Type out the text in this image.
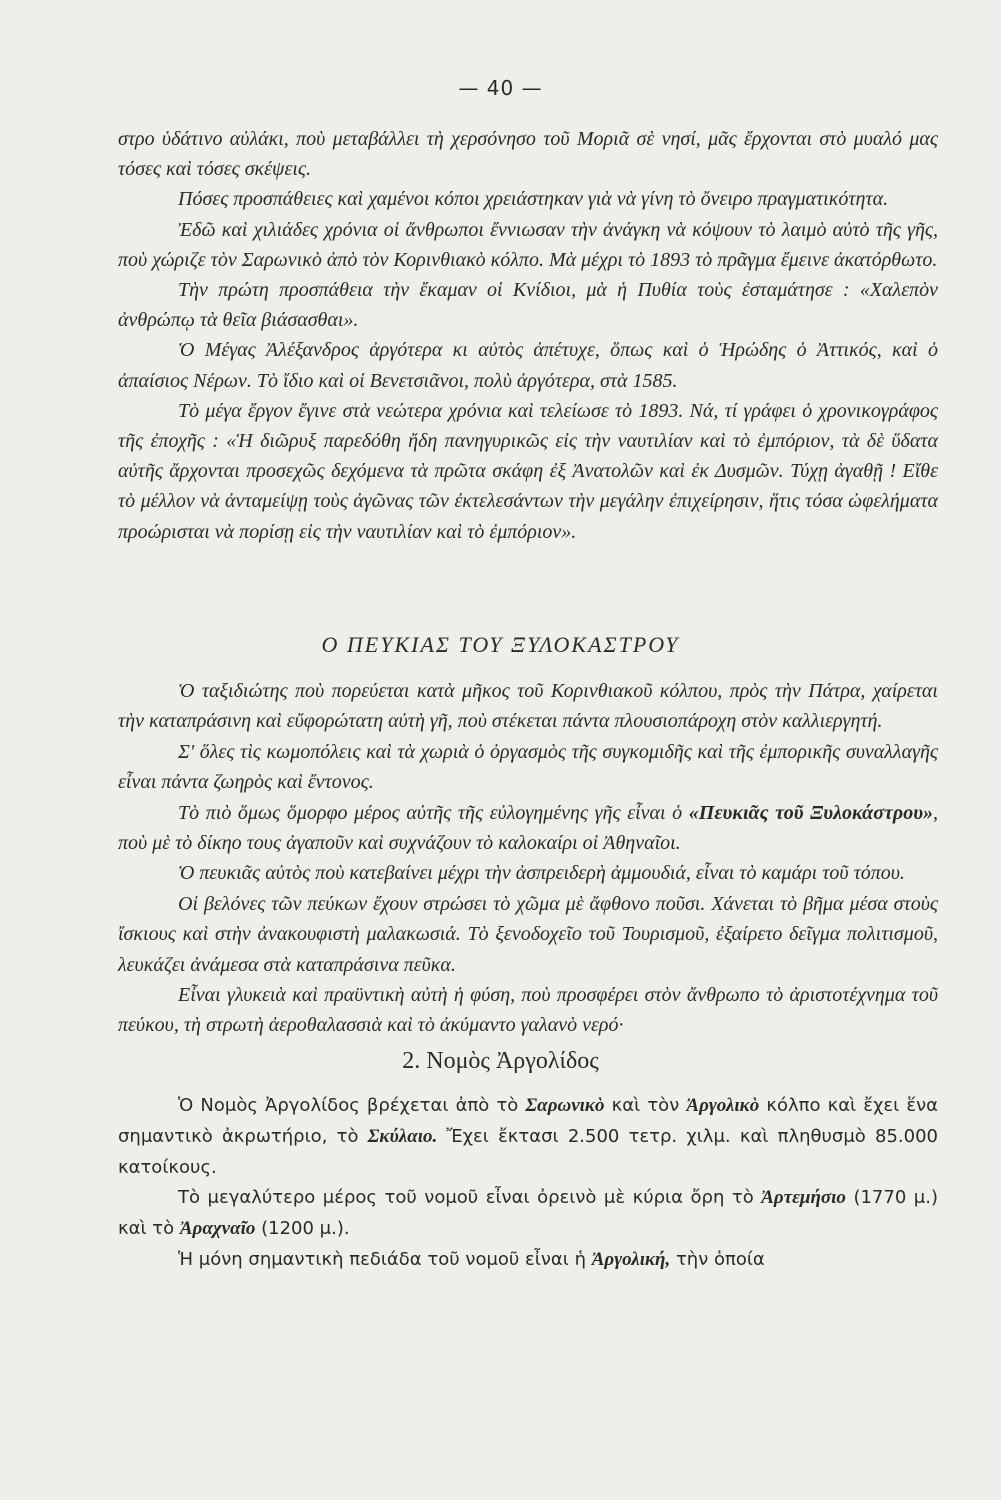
— 40 —

στρο ὑδάτινο αὐλάκι, ποὺ μεταβάλλει τὴ χερσόνησο τοῦ Μοριᾶ σὲ νησί, μᾶς ἔρχονται στὸ μυαλό μας τόσες καὶ τόσες σκέψεις.

Πόσες προσπάθειες καὶ χαμένοι κόποι χρειάστηκαν γιὰ νὰ γίνη τὸ ὄνειρο πραγματικότητα.

Ἐδῶ καὶ χιλιάδες χρόνια οἱ ἄνθρωποι ἔννιωσαν τὴν ἀνάγκη νὰ κόψουν τὸ λαιμὸ αὐτὸ τῆς γῆς, ποὺ χώριζε τὸν Σαρωνικὸ ἀπὸ τὸν Κορινθιακὸ κόλπο. Μὰ μέχρι τὸ 1893 τὸ πρᾶγμα ἔμεινε ἀκατόρθωτο.

Τὴν πρώτη προσπάθεια τὴν ἔκαμαν οἱ Κνίδιοι, μὰ ἡ Πυθία τοὺς ἐσταμάτησε : «Χαλεπὸν ἀνθρώπῳ τὰ θεῖα βιάσασθαι».

Ὁ Μέγας Ἀλέξανδρος ἀργότερα κι αὐτὸς ἀπέτυχε, ὅπως καὶ ὁ Ἡρώδης ὁ Ἀττικός, καὶ ὁ ἀπαίσιος Νέρων. Τὸ ἴδιο καὶ οἱ Βενετσιᾶνοι, πολὺ ἀργότερα, στὰ 1585.

Τὸ μέγα ἔργον ἔγινε στὰ νεώτερα χρόνια καὶ τελείωσε τὸ 1893. Νά, τί γράφει ὁ χρονικογράφος τῆς ἐποχῆς : «Ἡ διῶρυξ παρεδόθη ἤδη πανηγυρικῶς εἰς τὴν ναυτιλίαν καὶ τὸ ἐμπόριον, τὰ δὲ ὕδατα αὐτῆς ἄρχονται προσεχῶς δεχόμενα τὰ πρῶτα σκάφη ἐξ Ἀνατολῶν καὶ ἐκ Δυσμῶν. Τύχῃ ἀγαθῇ ! Εἴθε τὸ μέλλον νὰ ἀνταμείψῃ τοὺς ἀγῶνας τῶν ἐκτελεσάντων τὴν μεγάλην ἐπιχείρησιν, ἥτις τόσα ὠφελήματα προώρισται νὰ πορίσῃ εἰς τὴν ναυτιλίαν καὶ τὸ ἐμπόριον».

Ο ΠΕΥΚΙΑΣ ΤΟΥ ΞΥΛΟΚΑΣΤΡΟΥ

Ὁ ταξιδιώτης ποὺ πορεύεται κατὰ μῆκος τοῦ Κορινθιακοῦ κόλπου, πρὸς τὴν Πάτρα, χαίρεται τὴν καταπράσινη καὶ εὔφορώτατη αὐτὴ γῆ, ποὺ στέκεται πάντα πλουσιοπάροχη στὸν καλλιεργητή.

Σ' ὅλες τὶς κωμοπόλεις καὶ τὰ χωριὰ ὁ ὀργασμὸς τῆς συγκομιδῆς καὶ τῆς ἐμπορικῆς συναλλαγῆς εἶναι πάντα ζωηρὸς καὶ ἔντονος.

Τὸ πιὸ ὅμως ὅμορφο μέρος αὐτῆς τῆς εὐλογημένης γῆς εἶναι ὁ «Πευκιᾶς τοῦ Ξυλοκάστρου», ποὺ μὲ τὸ δίκηο τους ἀγαποῦν καὶ συχνάζουν τὸ καλοκαίρι οἱ Ἀθηναῖοι.

Ὁ πευκιᾶς αὐτὸς ποὺ κατεβαίνει μέχρι τὴν ἀσπρειδερὴ ἀμμουδιά, εἶναι τὸ καμάρι τοῦ τόπου.

Οἱ βελόνες τῶν πεύκων ἔχουν στρώσει τὸ χῶμα μὲ ἄφθονο ποῦσι. Χάνεται τὸ βῆμα μέσα στοὺς ἴσκιους καὶ στὴν ἀνακουφιστὴ μαλακωσιά. Τὸ ξενοδοχεῖο τοῦ Τουρισμοῦ, ἐξαίρετο δεῖγμα πολιτισμοῦ, λευκάζει ἀνάμεσα στὰ καταπράσινα πεῦκα.

Εἶναι γλυκειὰ καὶ πραϋντικὴ αὐτὴ ἡ φύση, ποὺ προσφέρει στὸν ἄνθρωπο τὸ ἀριστοτέχνημα τοῦ πεύκου, τὴ στρωτὴ ἀεροθαλασσιὰ καὶ τὸ ἀκύμαντο γαλανὸ νερό·

2. Νομὸς Ἀργολίδος

Ὁ Νομὸς Ἀργολίδος βρέχεται ἀπὸ τὸ Σαρωνικὸ καὶ τὸν Ἀργολικὸ κόλπο καὶ ἔχει ἕνα σημαντικὸ ἀκρωτήριο, τὸ Σκύλαιο. Ἔχει ἔκτασι 2.500 τετρ. χιλμ. καὶ πληθυσμὸ 85.000 κατοίκους.

Τὸ μεγαλύτερο μέρος τοῦ νομοῦ εἶναι ὀρεινὸ μὲ κύρια ὄρη τὸ Ἀρτεμήσιο (1770 μ.) καὶ τὸ Ἀραχναῖο (1200 μ.).

Ἡ μόνη σημαντικὴ πεδιάδα τοῦ νομοῦ εἶναι ἡ Ἀργολική, τὴν ὁποία
